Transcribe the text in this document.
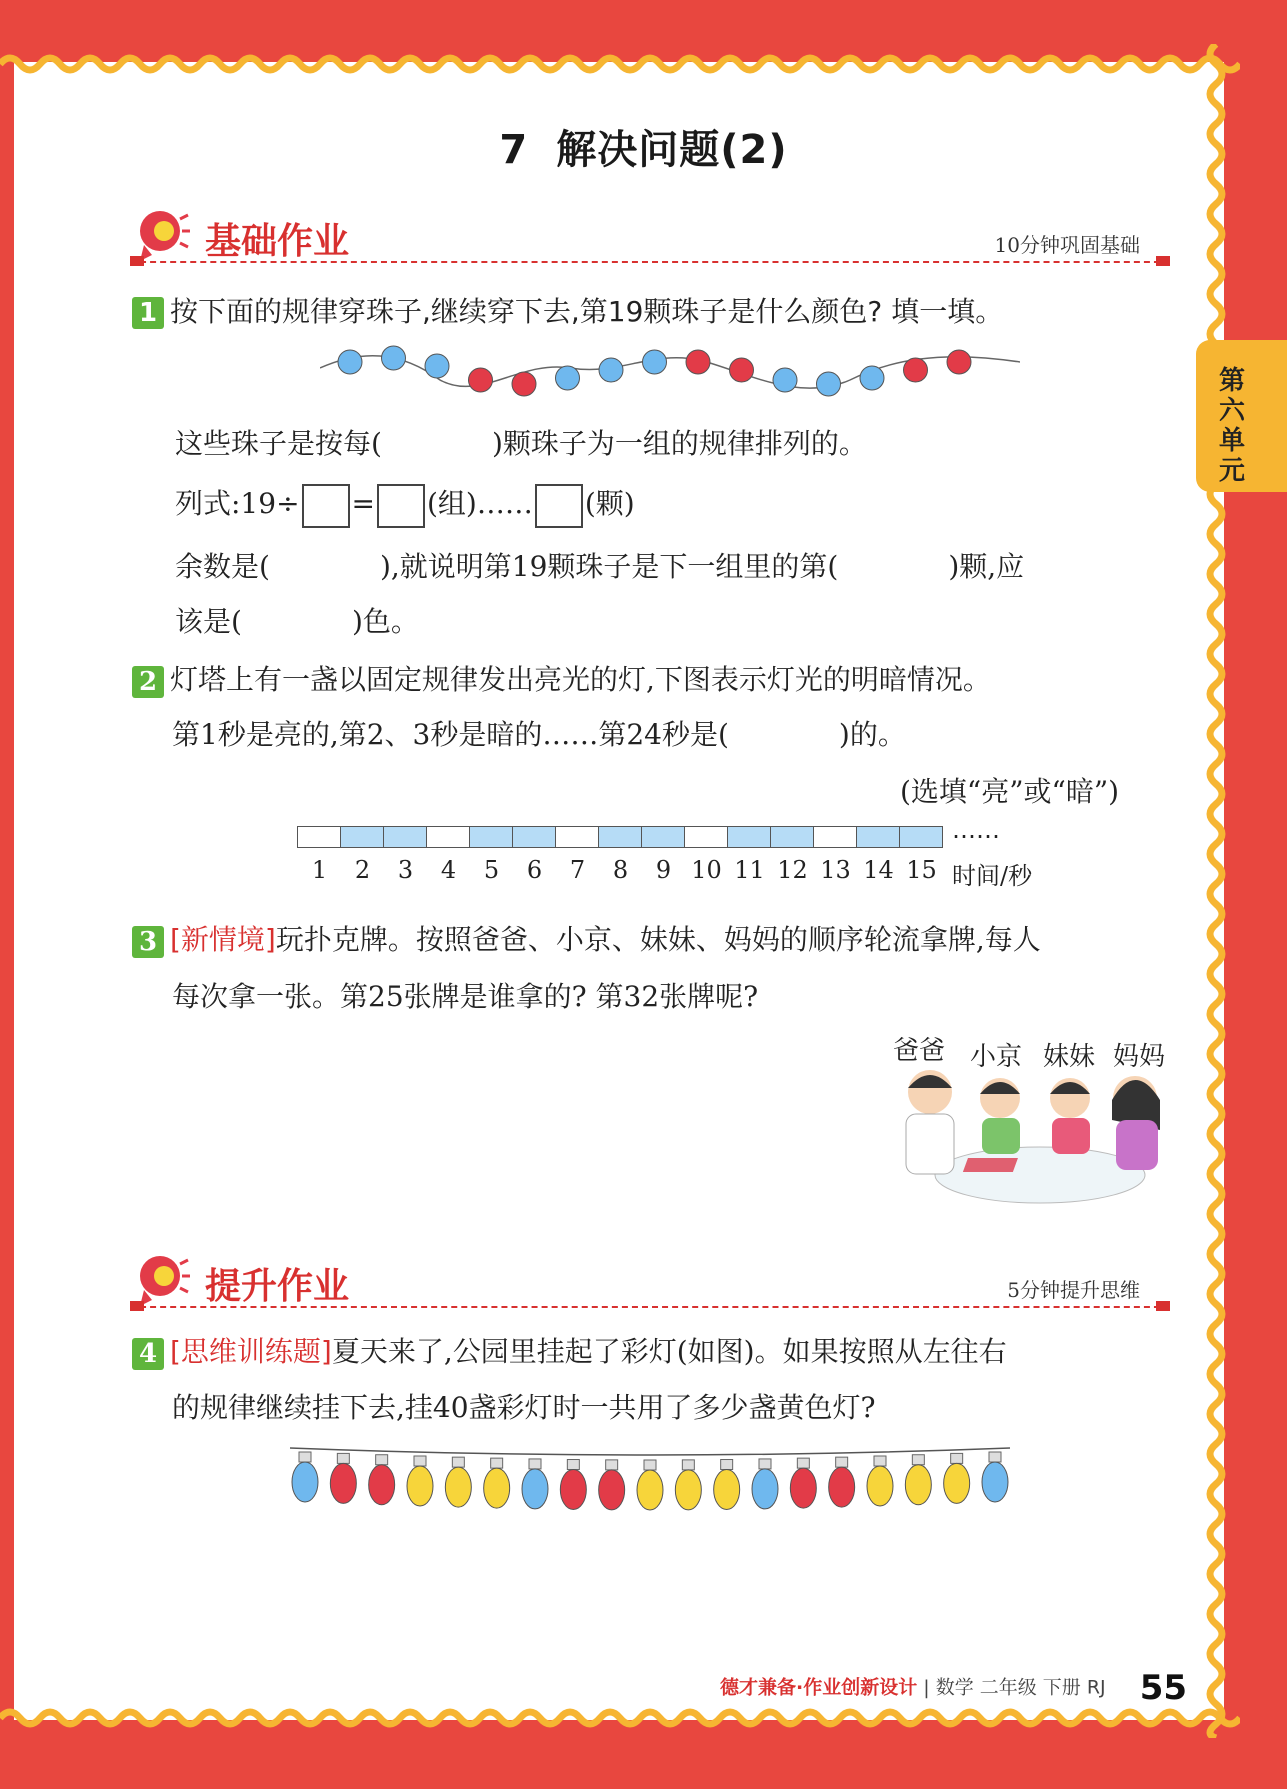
第六单元
7 解决问题(2)
基础作业	10分钟巩固基础
1 按下面的规律穿珠子,继续穿下去,第19颗珠子是什么颜色? 填一填。
这些珠子是按每(	)颗珠子为一组的规律排列的。
列式:19÷ = (组)…… (颗)
余数是(	),就说明第19颗珠子是下一组里的第(	)颗,应
该是(	)色。
2 灯塔上有一盏以固定规律发出亮光的灯,下图表示灯光的明暗情况。
第1秒是亮的,第2、3秒是暗的……第24秒是(	)的。
(选填“亮”或“暗”)
……
1	2	3	4	5	6	7	8	9 10 11 12 13 14 15 时间/秒
3 [新情境]玩扑克牌。按照爸爸、小京、妹妹、妈妈的顺序轮流拿牌,每人
每次拿一张。第25张牌是谁拿的? 第32张牌呢?
爸爸 小京 妹妹 妈妈
提升作业	5分钟提升思维
4 [思维训练题]夏天来了,公园里挂起了彩灯(如图)。如果按照从左往右
的规律继续挂下去,挂40盏彩灯时一共用了多少盏黄色灯?
德才兼备·作业创新设计 | 数学 二年级 下册 RJ 55
